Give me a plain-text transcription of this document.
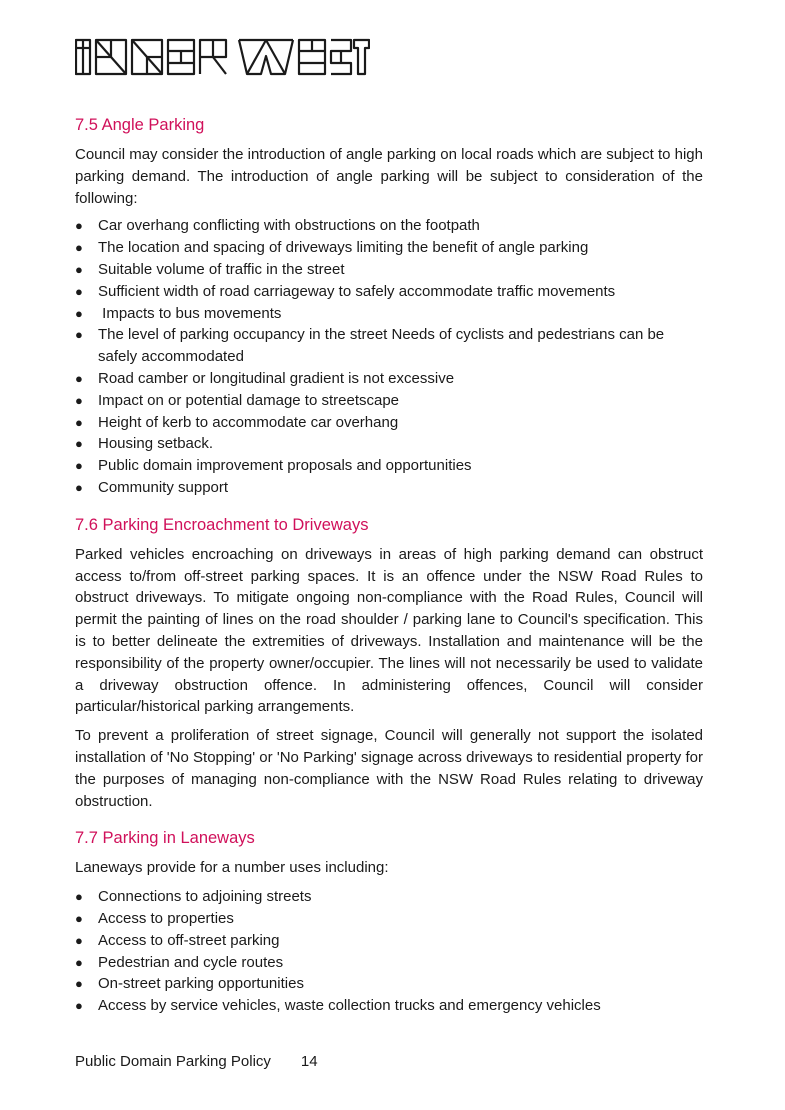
7.5 Angle Parking

Council may consider the introduction of angle parking on local roads which are subject to high parking demand. The introduction of angle parking will be subject to consideration of the following:

● Car overhang conflicting with obstructions on the footpath
● The location and spacing of driveways limiting the benefit of angle parking
● Suitable volume of traffic in the street
● Sufficient width of road carriageway to safely accommodate traffic movements
● Impacts to bus movements
● The level of parking occupancy in the street Needs of cyclists and pedestrians can be safely accommodated
● Road camber or longitudinal gradient is not excessive
● Impact on or potential damage to streetscape
● Height of kerb to accommodate car overhang
● Housing setback.
● Public domain improvement proposals and opportunities
● Community support
7.6 Parking Encroachment to Driveways

Parked vehicles encroaching on driveways in areas of high parking demand can obstruct access to/from off-street parking spaces. It is an offence under the NSW Road Rules to obstruct driveways. To mitigate ongoing non-compliance with the Road Rules, Council will permit the painting of lines on the road shoulder / parking lane to Council's specification. This is to better delineate the extremities of driveways. Installation and maintenance will be the responsibility of the property owner/occupier. The lines will not necessarily be used to validate a driveway obstruction offence. In administering offences, Council will consider particular/historical parking arrangements.

To prevent a proliferation of street signage, Council will generally not support the isolated installation of 'No Stopping' or 'No Parking' signage across driveways to residential property for the purposes of managing non-compliance with the NSW Road Rules relating to driveway obstruction.

7.7 Parking in Laneways

Laneways provide for a number uses including:

● Connections to adjoining streets
● Access to properties
● Access to off-street parking
● Pedestrian and cycle routes
● On-street parking opportunities
● Access by service vehicles, waste collection trucks and emergency vehicles
Public Domain Parking Policy 14
